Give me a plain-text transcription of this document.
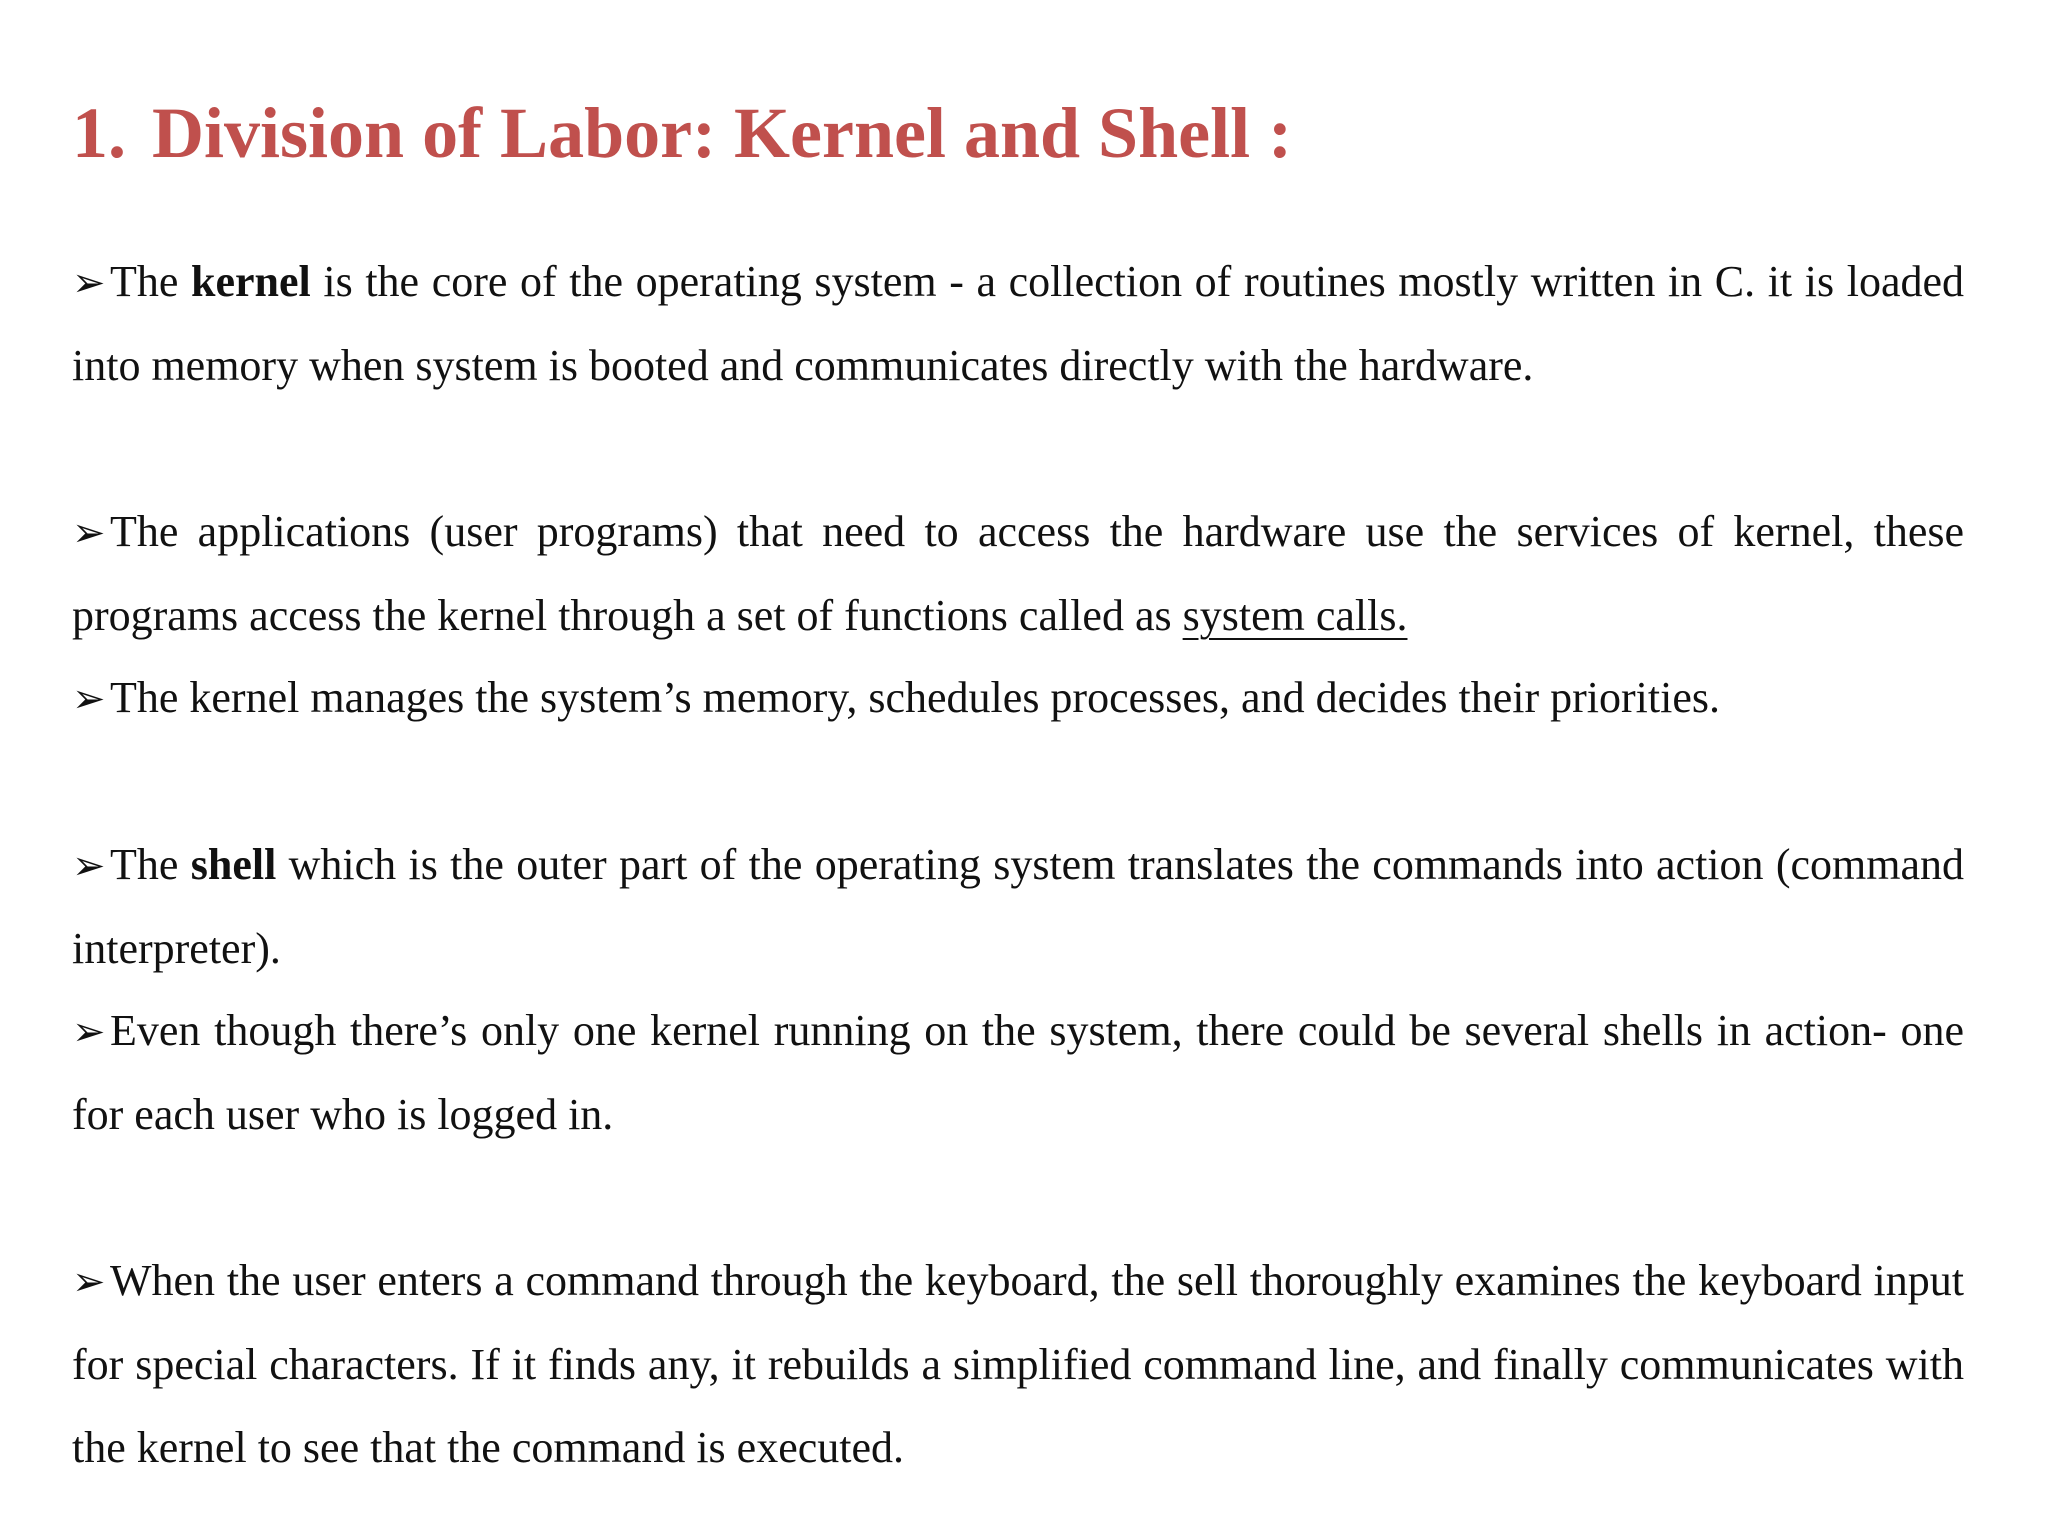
1. Division of Labor: Kernel and Shell :

➢ The kernel is the core of the operating system - a collection of routines mostly written in C. it is loaded into memory when system is booted and communicates directly with the hardware.

➢ The applications (user programs) that need to access the hardware use the services of kernel, these programs access the kernel through a set of functions called as system calls.

➢ The kernel manages the system’s memory, schedules processes, and decides their priorities.

➢ The shell which is the outer part of the operating system translates the commands into action (command interpreter).

➢ Even though there’s only one kernel running on the system, there could be several shells in action- one for each user who is logged in.

➢ When the user enters a command through the keyboard, the sell thoroughly examines the keyboard input for special characters. If it finds any, it rebuilds a simplified command line, and finally communicates with the kernel to see that the command is executed.
